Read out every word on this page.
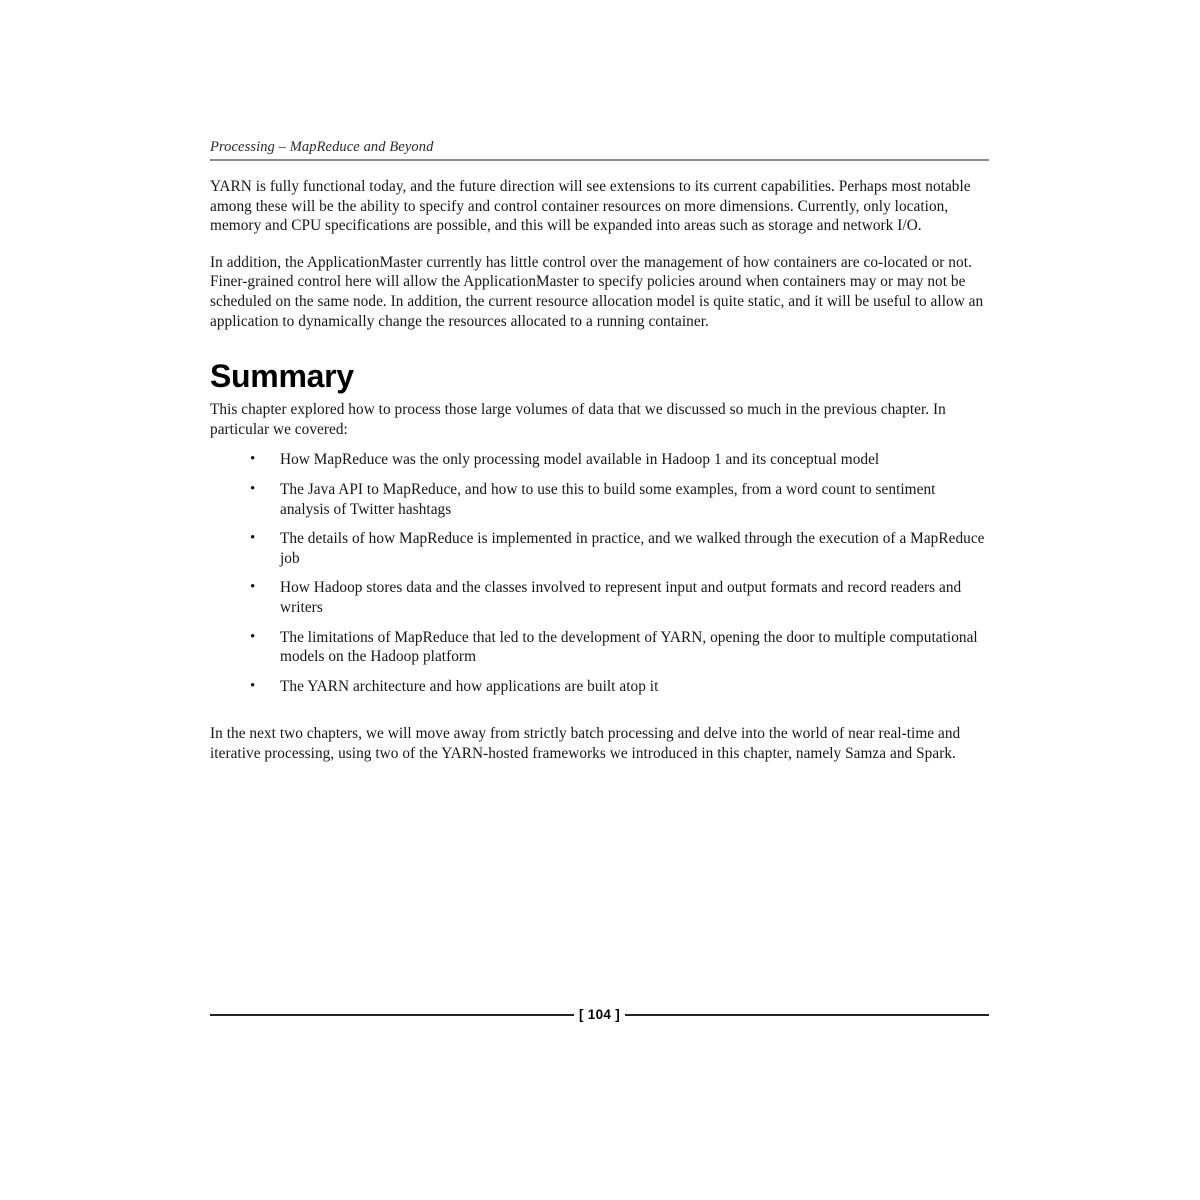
Processing – MapReduce and Beyond

YARN is fully functional today, and the future direction will see extensions to its current capabilities. Perhaps most notable among these will be the ability to specify and control container resources on more dimensions. Currently, only location, memory and CPU specifications are possible, and this will be expanded into areas such as storage and network I/O.

In addition, the ApplicationMaster currently has little control over the management of how containers are co-located or not. Finer-grained control here will allow the ApplicationMaster to specify policies around when containers may or may not be scheduled on the same node. In addition, the current resource allocation model is quite static, and it will be useful to allow an application to dynamically change the resources allocated to a running container.

Summary

This chapter explored how to process those large volumes of data that we discussed so much in the previous chapter. In particular we covered:

• How MapReduce was the only processing model available in Hadoop 1 and its conceptual model
• The Java API to MapReduce, and how to use this to build some examples, from a word count to sentiment analysis of Twitter hashtags
• The details of how MapReduce is implemented in practice, and we walked through the execution of a MapReduce job
• How Hadoop stores data and the classes involved to represent input and output formats and record readers and writers
• The limitations of MapReduce that led to the development of YARN, opening the door to multiple computational models on the Hadoop platform
• The YARN architecture and how applications are built atop it

In the next two chapters, we will move away from strictly batch processing and delve into the world of near real-time and iterative processing, using two of the YARN-hosted frameworks we introduced in this chapter, namely Samza and Spark.

[ 104 ]
